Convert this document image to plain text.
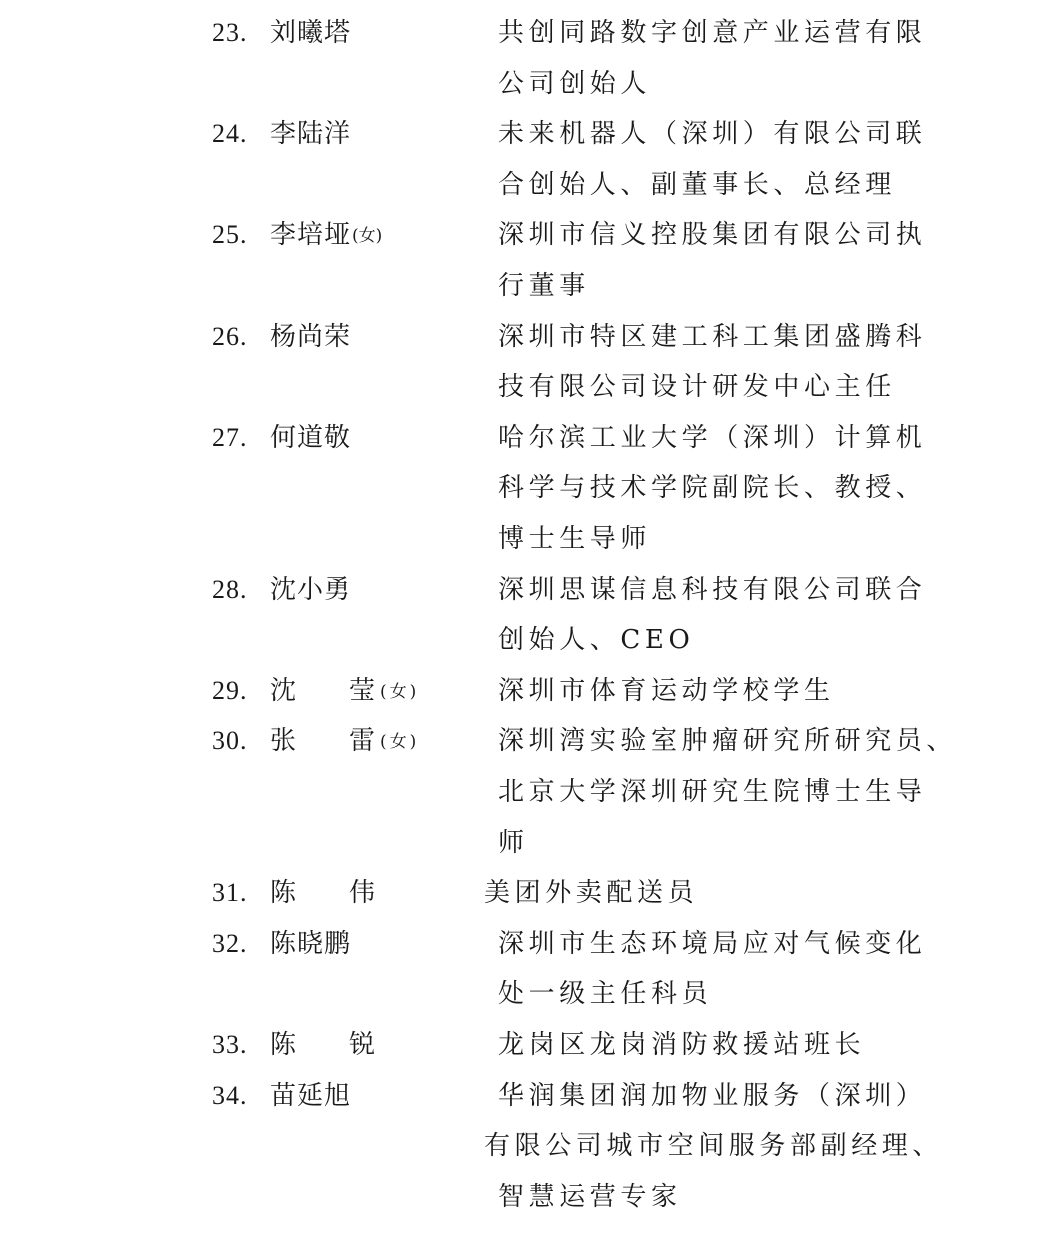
23. 刘曦塔	共创同路数字创意产业运营有限
公司创始人
24. 李陆洋	未来机器人（深圳）有限公司联
合创始人、副董事长、总经理
25. 李培垭(女)	深圳市信义控股集团有限公司执
行董事
26. 杨尚荣	深圳市特区建工科工集团盛腾科
技有限公司设计研发中心主任
27. 何道敬	哈尔滨工业大学（深圳）计算机
科学与技术学院副院长、教授、
博士生导师
28. 沈小勇	深圳思谋信息科技有限公司联合
创始人、CEO
29. 沈 莹 (女)	深圳市体育运动学校学生
30. 张 雷 (女)	深圳湾实验室肿瘤研究所研究员、
北京大学深圳研究生院博士生导
师
31. 陈 伟	美团外卖配送员
32. 陈晓鹏	深圳市生态环境局应对气候变化
处一级主任科员
33. 陈 锐	龙岗区龙岗消防救援站班长
34. 苗延旭	华润集团润加物业服务（深圳）
有限公司城市空间服务部副经理、
智慧运营专家
